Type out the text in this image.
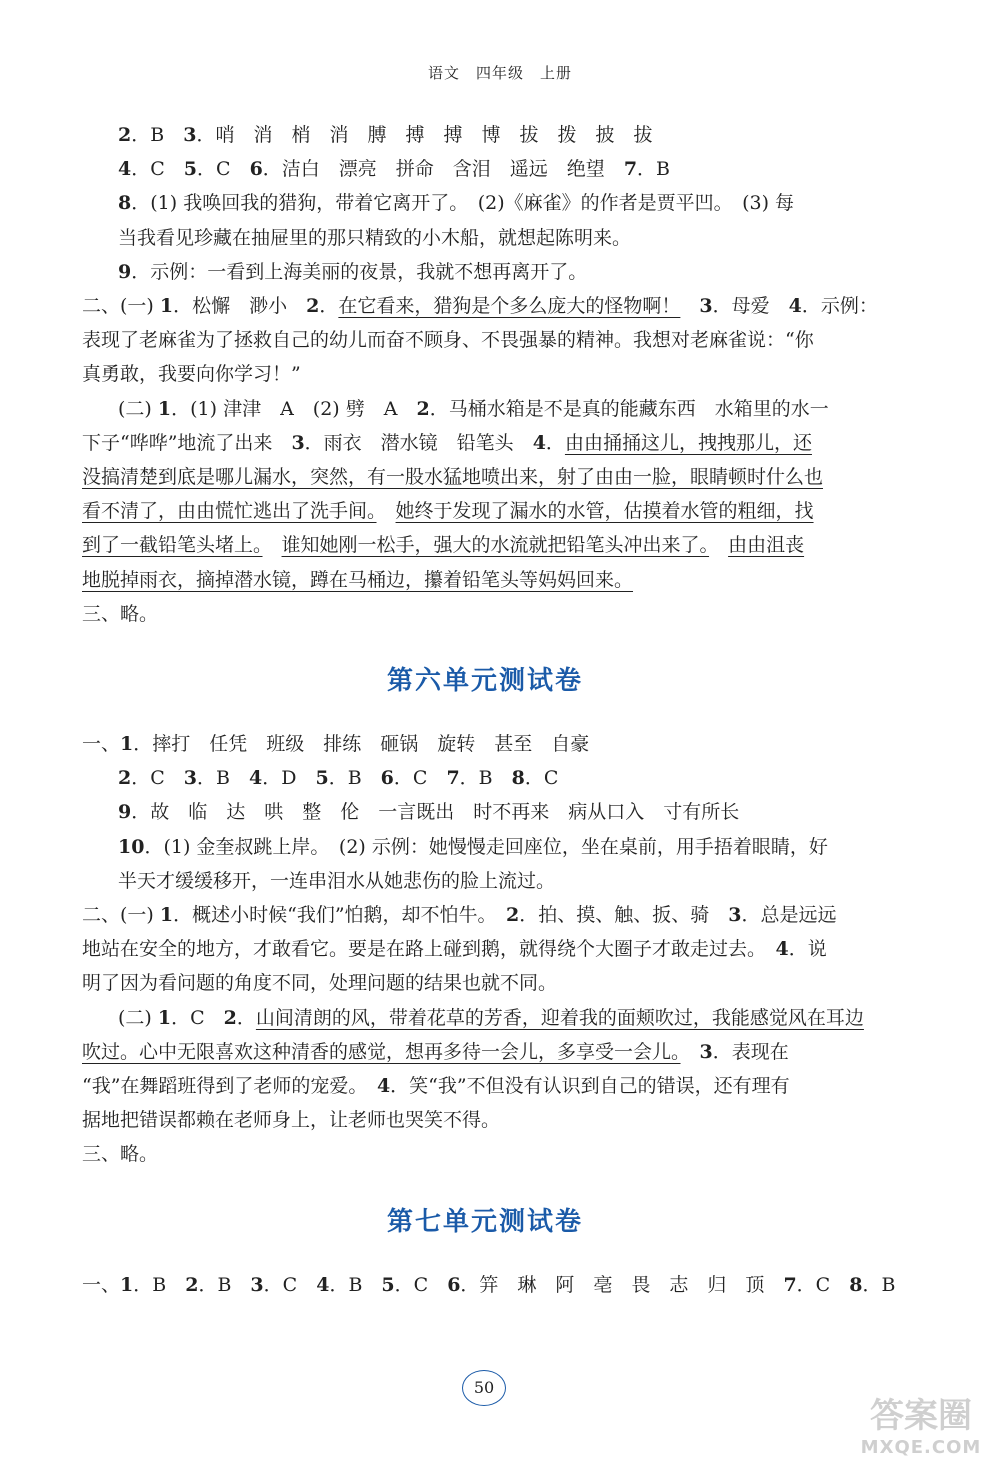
语文　四年级　上册
2．B　3．哨　消　梢　消　膊　搏　搏　博　拔　拨　披　拔
4．C　5．C　6．洁白　漂亮　拼命　含泪　遥远　绝望　7．B
8．(1) 我唤回我的猎狗，带着它离开了。　(2)《麻雀》的作者是贾平凹。　(3) 每
当我看见珍藏在抽屉里的那只精致的小木船，就想起陈明来。
9．示例：一看到上海美丽的夜景，我就不想再离开了。
二、(一) 1．松懈　渺小　2．在它看来，猎狗是个多么庞大的怪物啊！　 3．母爱　4．示例：
表现了老麻雀为了拯救自己的幼儿而奋不顾身、不畏强暴的精神。我想对老麻雀说：“你
真勇敢，我要向你学习！”
(二) 1．(1) 津津　A　(2) 劈　A　2．马桶水箱是不是真的能藏东西　水箱里的水一
下子“哗哗”地流了出来　3．雨衣　潜水镜　铅笔头　4．由由捅捅这儿，拽拽那儿，还
没搞清楚到底是哪儿漏水，突然，有一股水猛地喷出来，射了由由一脸，眼睛顿时什么也
看不清了，由由慌忙逃出了洗手间。　 她终于发现了漏水的水管，估摸着水管的粗细，找
到了一截铅笔头堵上。　 谁知她刚一松手，强大的水流就把铅笔头冲出来了。　 由由沮丧
地脱掉雨衣，摘掉潜水镜，蹲在马桶边，攥着铅笔头等妈妈回来。
三、略。
第六单元测试卷
一、1．摔打　任凭　班级　排练　砸锅　旋转　甚至　自豪
2．C　3．B　4．D　5．B　6．C　7．B　8．C
9．故　临　达　哄　整　伦　一言既出　时不再来　病从口入　寸有所长
10．(1) 金奎叔跳上岸。　(2) 示例：她慢慢走回座位，坐在桌前，用手捂着眼睛，好
半天才缓缓移开，一连串泪水从她悲伤的脸上流过。
二、(一) 1．概述小时候“我们”怕鹅，却不怕牛。　2．拍、摸、触、扳、骑　3．总是远远
地站在安全的地方，才敢看它。要是在路上碰到鹅，就得绕个大圈子才敢走过去。　4．说
明了因为看问题的角度不同，处理问题的结果也就不同。
(二) 1．C　2．山间清朗的风，带着花草的芳香，迎着我的面颊吹过，我能感觉风在耳边
吹过。心中无限喜欢这种清香的感觉，想再多待一会儿，多享受一会儿。　 3．表现在
“我”在舞蹈班得到了老师的宠爱。　4．笑“我”不但没有认识到自己的错误，还有理有
据地把错误都赖在老师身上，让老师也哭笑不得。
三、略。
第七单元测试卷
一、1．B　2．B　3．C　4．B　5．C　6．笄　琳　阿　亳　畏　志　归　顶　7．C　8．B
50
答案圈
MXQE.COM
